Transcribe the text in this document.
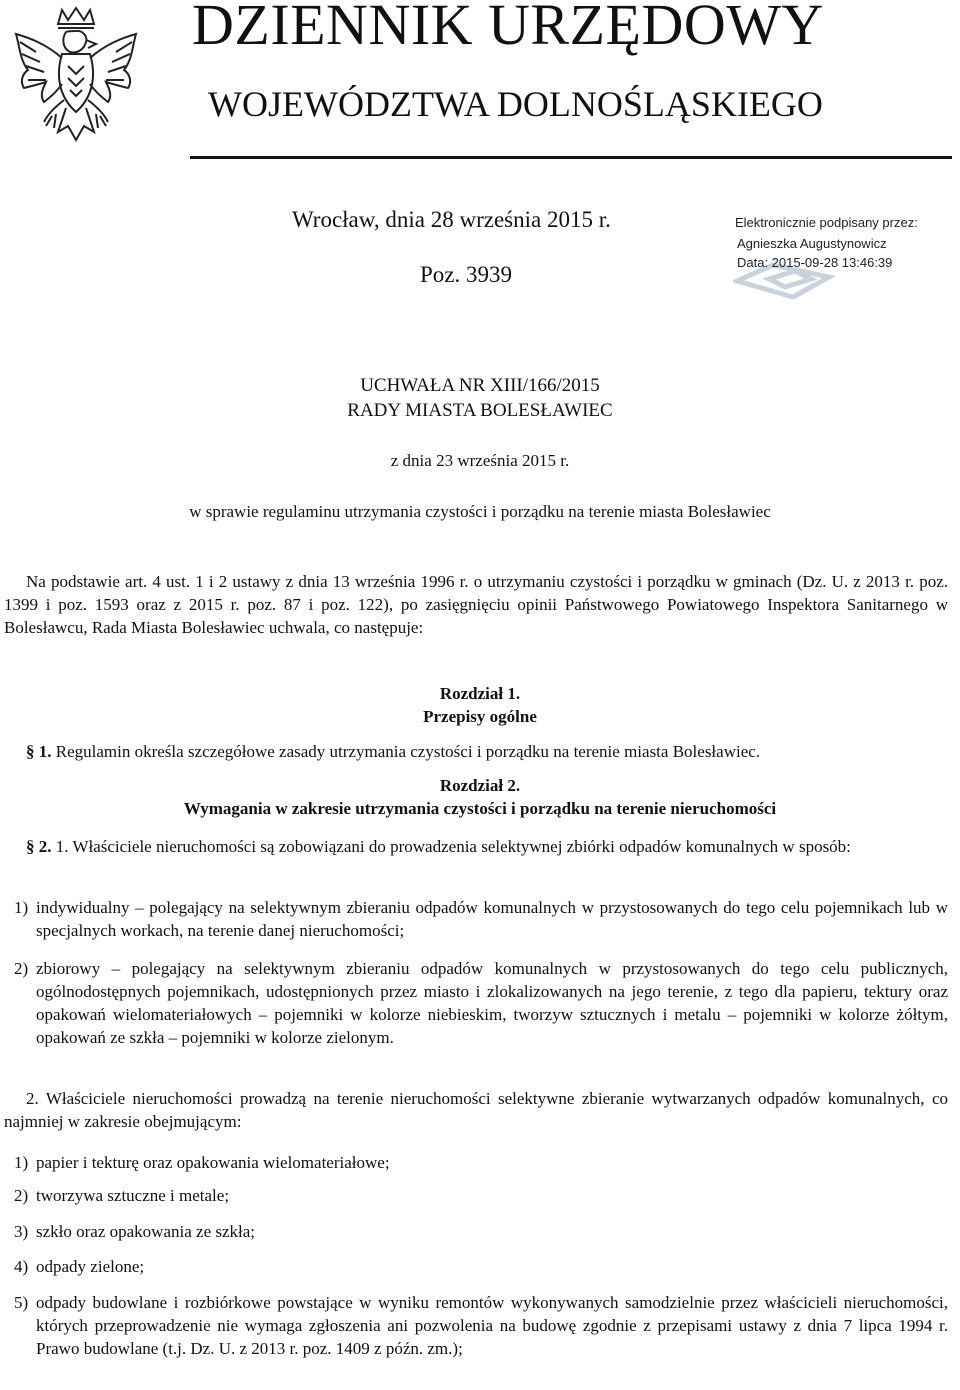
DZIENNIK URZĘDOWY
WOJEWÓDZTWA DOLNOŚLĄSKIEGO
Wrocław, dnia 28 września 2015 r.
Poz. 3939
Elektronicznie podpisany przez:
Agnieszka Augustynowicz
Data: 2015-09-28 13:46:39
UCHWAŁA NR XIII/166/2015
RADY MIASTA BOLESŁAWIEC
z dnia 23 września 2015 r.
w sprawie regulaminu utrzymania czystości i porządku na terenie miasta Bolesławiec
Na podstawie art. 4 ust. 1 i 2 ustawy z dnia 13 września 1996 r. o utrzymaniu czystości i porządku w gminach (Dz. U. z 2013 r. poz. 1399 i poz. 1593 oraz z 2015 r. poz. 87 i poz. 122), po zasięgnięciu opinii Państwowego Powiatowego Inspektora Sanitarnego w Bolesławcu, Rada Miasta Bolesławiec uchwala, co następuje:
Rozdział 1.
Przepisy ogólne
§ 1. Regulamin określa szczegółowe zasady utrzymania czystości i porządku na terenie miasta Bolesławiec.
Rozdział 2.
Wymagania w zakresie utrzymania czystości i porządku na terenie nieruchomości
§ 2. 1. Właściciele nieruchomości są zobowiązani do prowadzenia selektywnej zbiórki odpadów komunalnych w sposób:
1) indywidualny – polegający na selektywnym zbieraniu odpadów komunalnych w przystosowanych do tego celu pojemnikach lub w specjalnych workach, na terenie danej nieruchomości;
2) zbiorowy – polegający na selektywnym zbieraniu odpadów komunalnych w przystosowanych do tego celu publicznych, ogólnodostępnych pojemnikach, udostępnionych przez miasto i zlokalizowanych na jego terenie, z tego dla papieru, tektury oraz opakowań wielomateriałowych – pojemniki w kolorze niebieskim, tworzyw sztucznych i metalu – pojemniki w kolorze żółtym, opakowań ze szkła – pojemniki w kolorze zielonym.
2. Właściciele nieruchomości prowadzą na terenie nieruchomości selektywne zbieranie wytwarzanych odpadów komunalnych, co najmniej w zakresie obejmującym:
1) papier i tekturę oraz opakowania wielomateriałowe;
2) tworzywa sztuczne i metale;
3) szkło oraz opakowania ze szkła;
4) odpady zielone;
5) odpady budowlane i rozbiórkowe powstające w wyniku remontów wykonywanych samodzielnie przez właścicieli nieruchomości, których przeprowadzenie nie wymaga zgłoszenia ani pozwolenia na budowę zgodnie z przepisami ustawy z dnia 7 lipca 1994 r. Prawo budowlane (t.j. Dz. U. z 2013 r. poz. 1409 z późn. zm.);
